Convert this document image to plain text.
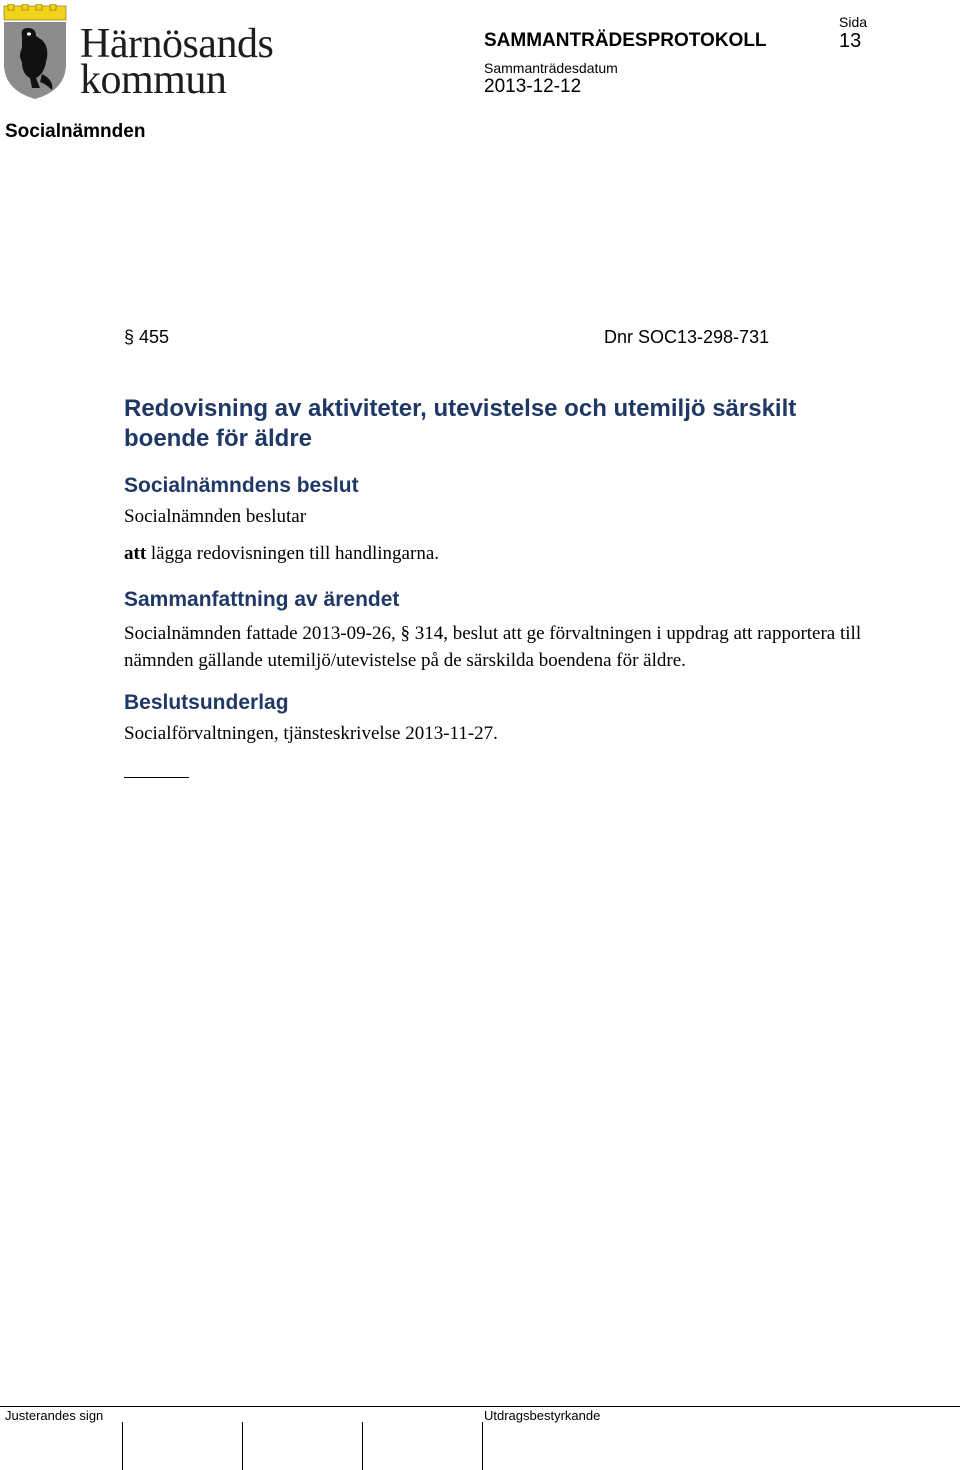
Härnösands
kommun
SAMMANTRÄDESPROTOKOLL
Sida
13
Sammanträdesdatum
2013-12-12
Socialnämnden
§ 455	Dnr SOC13-298-731
Redovisning av aktiviteter, utevistelse och utemiljö särskilt boende för äldre
Socialnämndens beslut
Socialnämnden beslutar
att lägga redovisningen till handlingarna.
Sammanfattning av ärendet
Socialnämnden fattade 2013-09-26, § 314, beslut att ge förvaltningen i uppdrag att rapportera till nämnden gällande utemiljö/utevistelse på de särskilda boendena för äldre.
Beslutsunderlag
Socialförvaltningen, tjänsteskrivelse 2013-11-27.
Justerandes sign	Utdragsbestyrkande
